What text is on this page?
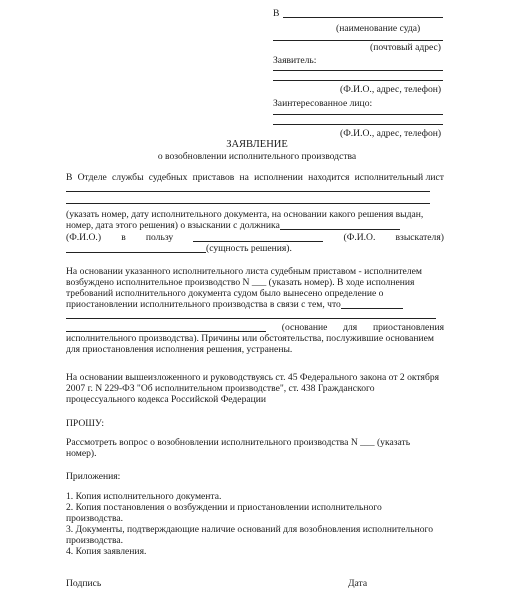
В
(наименование суда)
(почтовый адрес)
Заявитель:
(Ф.И.О., адрес, телефон)
Заинтересованное лицо:
(Ф.И.О., адрес, телефон)
ЗАЯВЛЕНИЕ
о возобновлении исполнительного производства
В Отделе службы судебных приставов на исполнении находится исполнительный лист
(указать номер, дату исполнительного документа, на основании какого решения выдан,
номер, дата этого решения) о взыскании с должника
(Ф.И.О.) в пользу	(Ф.И.О. взыскателя)
(сущность решения).
На основании указанного исполнительного листа судебным приставом - исполнителем
возбуждено исполнительное производство N ___ (указать номер). В ходе исполнения
требований исполнительного документа судом было вынесено определение о
приостановлении исполнительного производства в связи с тем, что
(основание для приостановления
исполнительного производства). Причины или обстоятельства, послужившие основанием
для приостановления исполнения решения, устранены.
На основании вышеизложенного и руководствуясь ст. 45 Федерального закона от 2 октября
2007 г. N 229-ФЗ "Об исполнительном производстве", ст. 438 Гражданского
процессуального кодекса Российской Федерации
ПРОШУ:
Рассмотреть вопрос о возобновлении исполнительного производства N ___ (указать
номер).
Приложения:
1. Копия исполнительного документа.
2. Копия постановления о возбуждении и приостановлении исполнительного
производства.
3. Документы, подтверждающие наличие оснований для возобновления исполнительного
производства.
4. Копия заявления.
Подпись	Дата
